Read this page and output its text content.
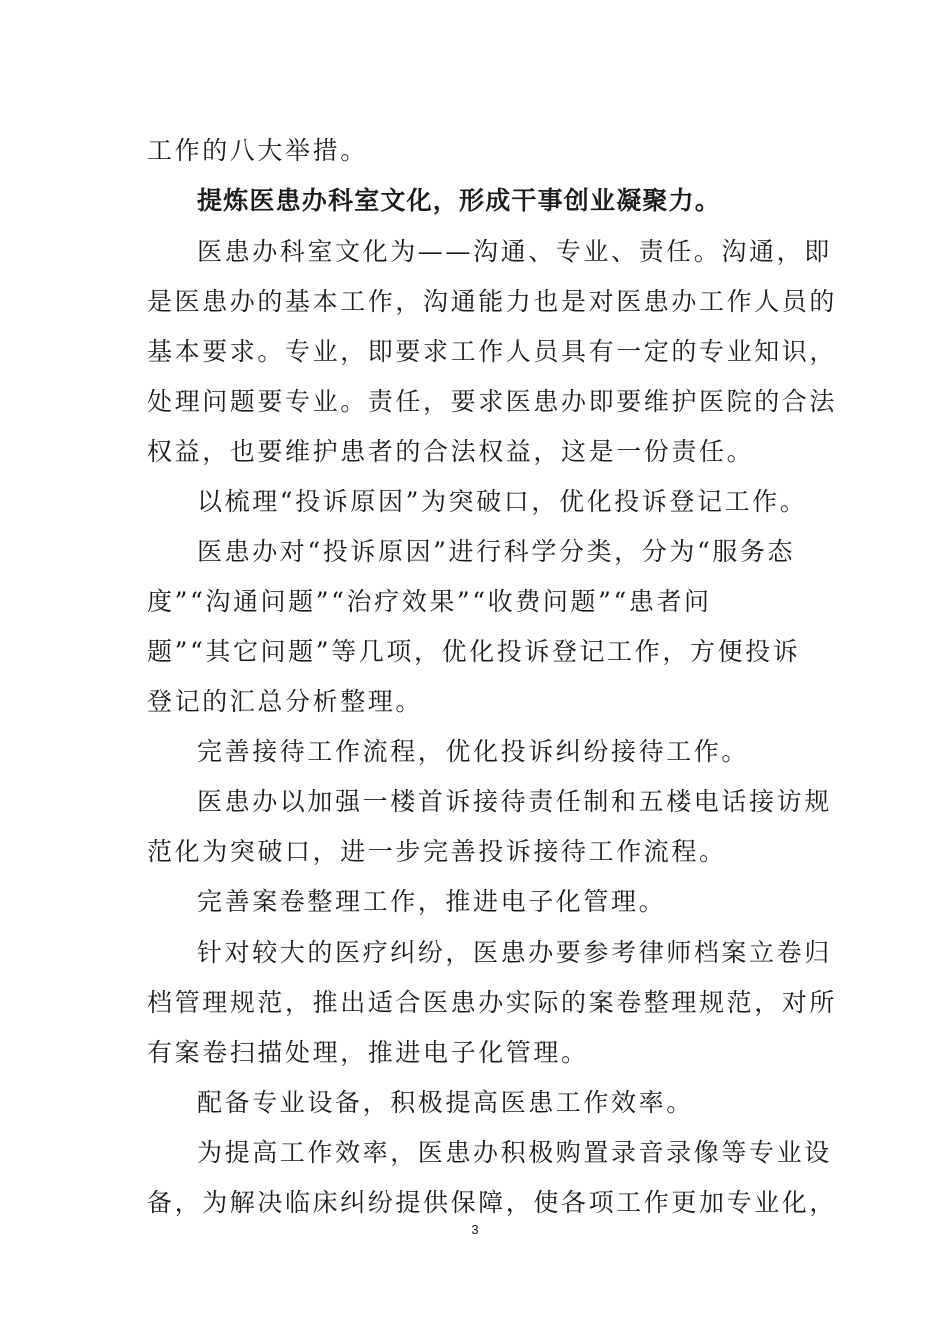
工作的八大举措。
提炼医患办科室文化，形成干事创业凝聚力。
医患办科室文化为——沟通、专业、责任。沟通，即
是医患办的基本工作，沟通能力也是对医患办工作人员的
基本要求。专业，即要求工作人员具有一定的专业知识，
处理问题要专业。责任，要求医患办即要维护医院的合法
权益，也要维护患者的合法权益，这是一份责任。
以梳理“投诉原因”为突破口，优化投诉登记工作。
医患办对“投诉原因”进行科学分类，分为“服务态
度”“沟通问题”“治疗效果”“收费问题”“患者问
题”“其它问题”等几项，优化投诉登记工作，方便投诉
登记的汇总分析整理。
完善接待工作流程，优化投诉纠纷接待工作。
医患办以加强一楼首诉接待责任制和五楼电话接访规
范化为突破口，进一步完善投诉接待工作流程。
完善案卷整理工作，推进电子化管理。
针对较大的医疗纠纷，医患办要参考律师档案立卷归
档管理规范，推出适合医患办实际的案卷整理规范，对所
有案卷扫描处理，推进电子化管理。
配备专业设备，积极提高医患工作效率。
为提高工作效率，医患办积极购置录音录像等专业设
备，为解决临床纠纷提供保障，使各项工作更加专业化，
3
